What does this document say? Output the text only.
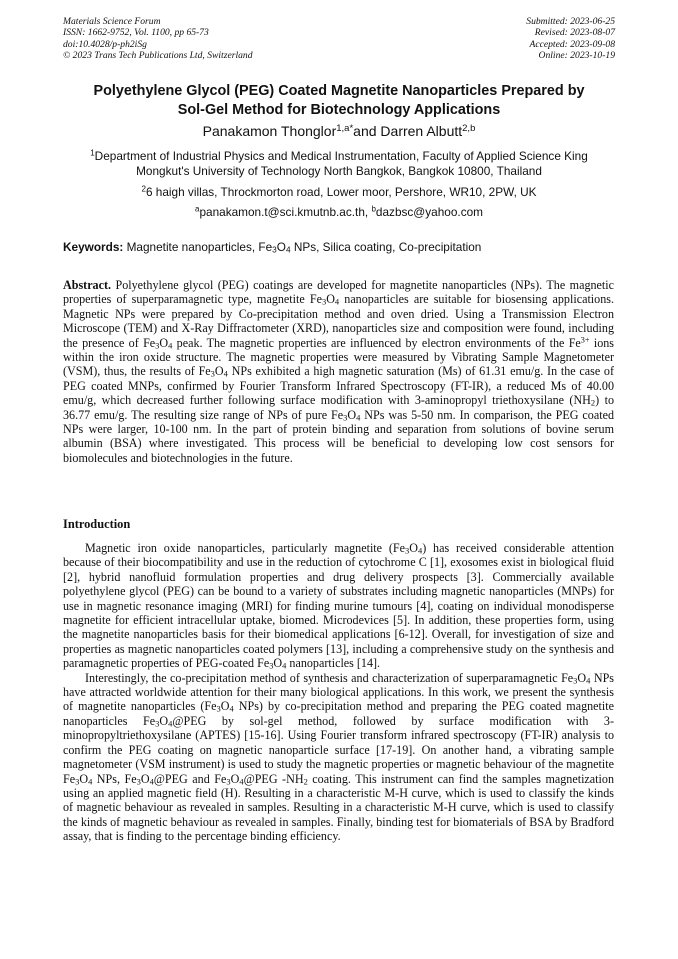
Materials Science Forum
ISSN: 1662-9752, Vol. 1100, pp 65-73
doi:10.4028/p-ph2iSg
© 2023 Trans Tech Publications Ltd, Switzerland
Submitted: 2023-06-25
Revised: 2023-08-07
Accepted: 2023-09-08
Online: 2023-10-19
Polyethylene Glycol (PEG) Coated Magnetite Nanoparticles Prepared by
Sol-Gel Method for Biotechnology Applications
Panakamon Thonglor$^{1,a*}$and Darren Albutt$^{2,b}$
$^1$Department of Industrial Physics and Medical Instrumentation, Faculty of Applied Science King
Mongkut's University of Technology North Bangkok, Bangkok 10800, Thailand
$^2$6 haigh villas, Throckmorton road, Lower moor, Pershore, WR10, 2PW, UK
$^a$panakamon.t@sci.kmutnb.ac.th, $^b$dazbsc@yahoo.com
Keywords: Magnetite nanoparticles, $Fe_3O_4$ NPs, Silica coating, Co-precipitation

Abstract. Polyethylene glycol (PEG) coatings are developed for magnetite nanoparticles (NPs). The magnetic properties of superparamagnetic type, magnetite $Fe_3O_4$ nanoparticles are suitable for biosensing applications. Magnetic NPs were prepared by Co-precipitation method and oven dried. Using a Transmission Electron Microscope (TEM) and X-Ray Diffractometer (XRD), nanoparticles size and composition were found, including the presence of $Fe_3O_4$ peak. The magnetic properties are influenced by electron environments of the $Fe^{3+}$ ions within the iron oxide structure. The magnetic properties were measured by Vibrating Sample Magnetometer (VSM), thus, the results of $Fe_3O_4$ NPs exhibited a high magnetic saturation (Ms) of 61.31 emu/g. In the case of PEG coated MNPs, confirmed by Fourier Transform Infrared Spectroscopy (FT-IR), a reduced Ms of 40.00 emu/g, which decreased further following surface modification with 3-aminopropyl triethoxysilane $(NH_2)$ to 36.77 emu/g. The resulting size range of NPs of pure $Fe_3O_4$ NPs was 5-50 nm. In comparison, the PEG coated NPs were larger, 10-100 nm. In the part of protein binding and separation from solutions of bovine serum albumin (BSA) where investigated. This process will be beneficial to developing low cost sensors for biomolecules and biotechnologies in the future.

Introduction

Magnetic iron oxide nanoparticles, particularly magnetite $(Fe_3O_4)$ has received considerable attention because of their biocompatibility and use in the reduction of cytochrome C [1], exosomes exist in biological fluid [2], hybrid nanofluid formulation properties and drug delivery prospects [3]. Commercially available polyethylene glycol (PEG) can be bound to a variety of substrates including magnetic nanoparticles (MNPs) for use in magnetic resonance imaging (MRI) for finding murine tumours [4], coating on individual monodisperse magnetite for efficient intracellular uptake, biomed. Microdevices [5]. In addition, these properties form, using the magnetite nanoparticles basis for their biomedical applications [6-12]. Overall, for investigation of size and properties as magnetic nanoparticles coated polymers [13], including a comprehensive study on the synthesis and paramagnetic properties of PEG-coated $Fe_3O_4$ nanoparticles [14].

Interestingly, the co-precipitation method of synthesis and characterization of superparamagnetic $Fe_3O_4$ NPs have attracted worldwide attention for their many biological applications. In this work, we present the synthesis of magnetite nanoparticles ($Fe_3O_4$ NPs) by co-precipitation method and preparing the PEG coated magnetite nanoparticles $Fe_3O_4@PEG$ by sol-gel method, followed by surface modification with 3-minopropyltriethoxysilane (APTES) [15-16]. Using Fourier transform infrared spectroscopy (FT-IR) analysis to confirm the PEG coating on magnetic nanoparticle surface [17-19]. On another hand, a vibrating sample magnetometer (VSM instrument) is used to study the magnetic properties or magnetic behaviour of the magnetite $Fe_3O_4$ NPs, $Fe_3O_4@PEG$ and $Fe_3O_4@PEG$ $-NH_2$ coating. This instrument can find the samples magnetization using an applied magnetic field (H). Resulting in a characteristic M-H curve, which is used to classify the kinds of magnetic behaviour as revealed in samples. Resulting in a characteristic M-H curve, which is used to classify the kinds of magnetic behaviour as revealed in samples. Finally, binding test for biomaterials of BSA by Bradford assay, that is finding to the percentage binding efficiency.
